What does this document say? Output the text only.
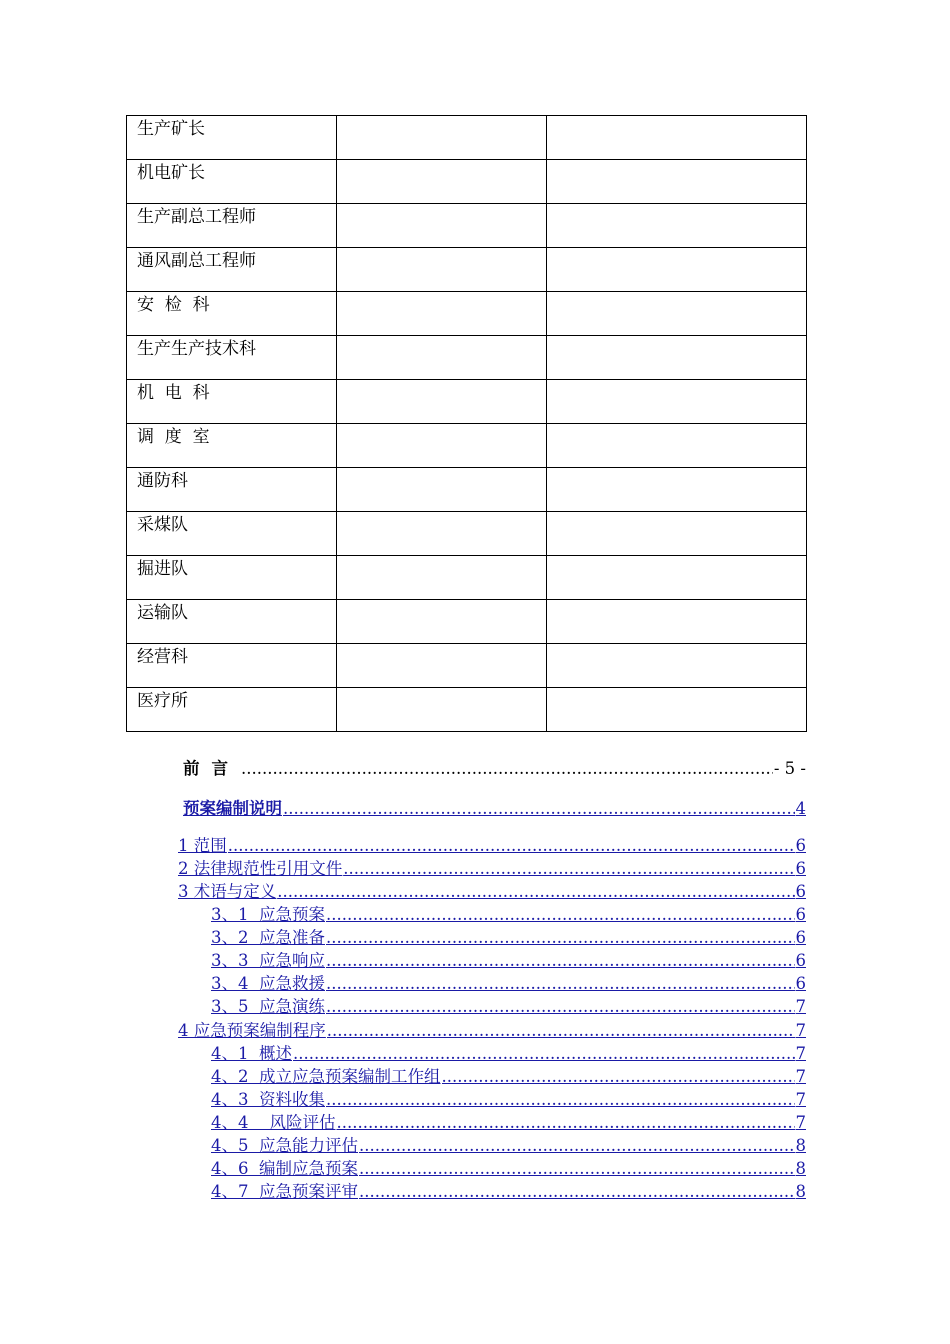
生产矿长		
机电矿长		
生产副总工程师		
通风副总工程师		
安  检  科		
生产生产技术科		
机  电  科		
调  度  室		
通防科		
采煤队		
掘进队		
运输队		
经营科		
医疗所		
前言 .....	- 5 -
预案编制说明 .....	4
1 范围 .....	6
2 法律规范性引用文件 .....	6
3 术语与定义 .....	6
3、1  应急预案 .....	6
3、2  应急准备 .....	6
3、3  应急响应 .....	6
3、4  应急救援 .....	6
3、5  应急演练 .....	7
4 应急预案编制程序 .....	7
4、1  概述 .....	7
4、2  成立应急预案编制工作组 .....	7
4、3  资料收集 .....	7
4、4    风险评估 .....	7
4、5  应急能力评估 .....	8
4、6  编制应急预案 .....	8
4、7  应急预案评审 .....	8
